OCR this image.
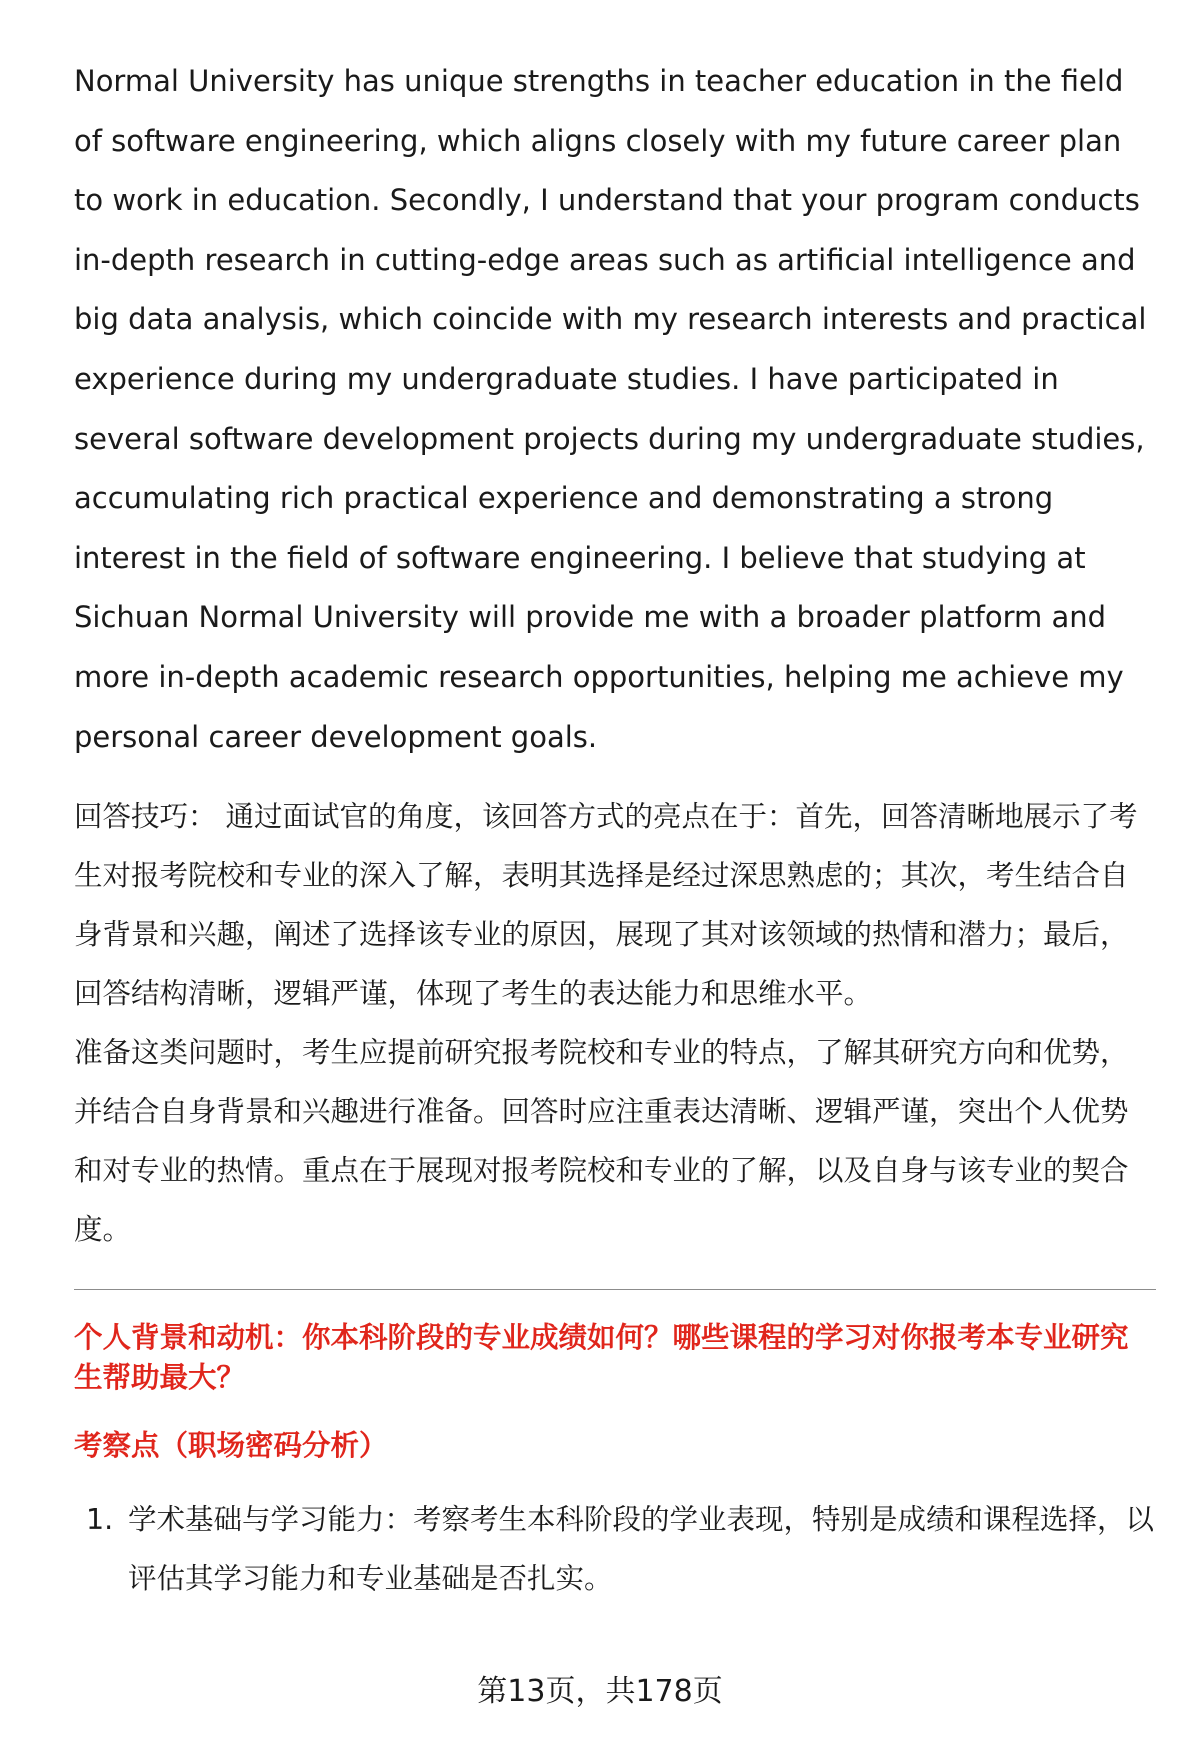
Normal University has unique strengths in teacher education in the field of software engineering, which aligns closely with my future career plan to work in education. Secondly, I understand that your program conducts in-depth research in cutting-edge areas such as artificial intelligence and big data analysis, which coincide with my research interests and practical experience during my undergraduate studies. I have participated in several software development projects during my undergraduate studies, accumulating rich practical experience and demonstrating a strong interest in the field of software engineering. I believe that studying at Sichuan Normal University will provide me with a broader platform and more in-depth academic research opportunities, helping me achieve my personal career development goals.

回答技巧： 通过面试官的角度，该回答方式的亮点在于：首先，回答清晰地展示了考生对报考院校和专业的深入了解，表明其选择是经过深思熟虑的；其次，考生结合自身背景和兴趣，阐述了选择该专业的原因，展现了其对该领域的热情和潜力；最后，回答结构清晰，逻辑严谨，体现了考生的表达能力和思维水平。

准备这类问题时，考生应提前研究报考院校和专业的特点，了解其研究方向和优势，并结合自身背景和兴趣进行准备。回答时应注重表达清晰、逻辑严谨，突出个人优势和对专业的热情。重点在于展现对报考院校和专业的了解，以及自身与该专业的契合度。

个人背景和动机：你本科阶段的专业成绩如何？哪些课程的学习对你报考本专业研究生帮助最大？
考察点（职场密码分析）
1. 学术基础与学习能力：考察考生本科阶段的学业表现，特别是成绩和课程选择，以评估其学习能力和专业基础是否扎实。
第13页，共178页
